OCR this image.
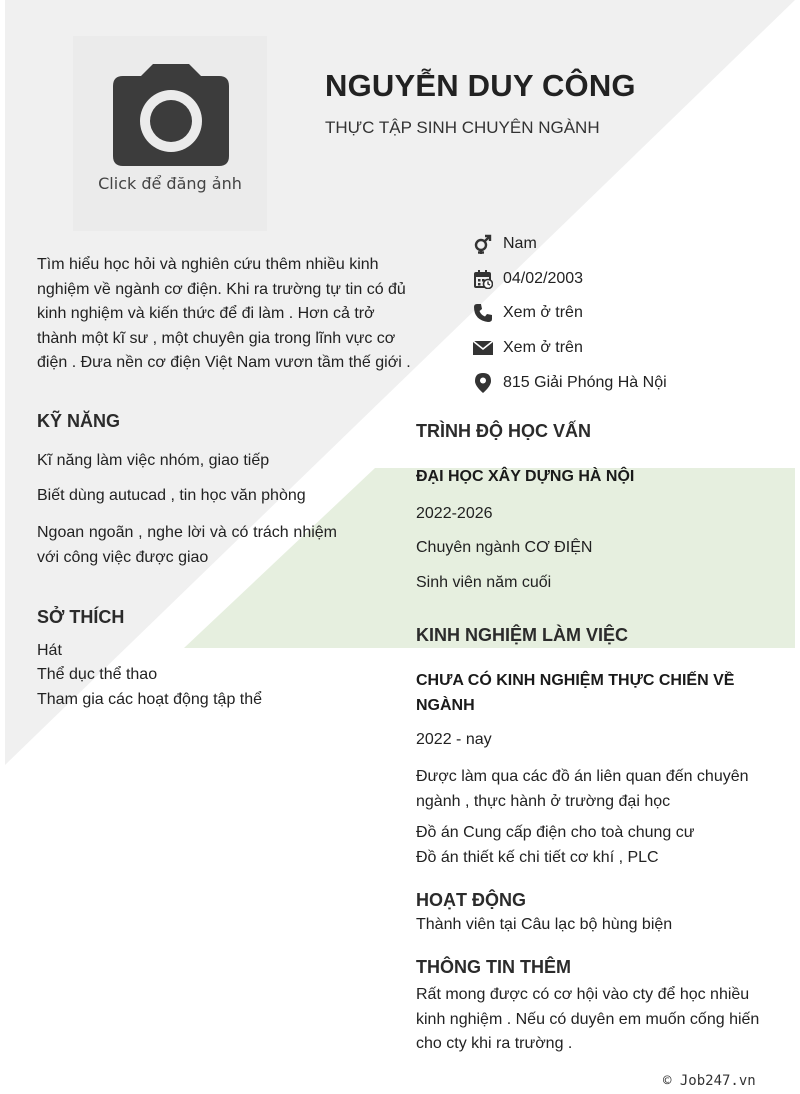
Click để đăng ảnh
NGUYỄN DUY CÔNG
THỰC TẬP SINH CHUYÊN NGÀNH
Tìm hiểu học hỏi và nghiên cứu thêm nhiều kinh nghiệm về ngành cơ điện. Khi ra trường tự tin có đủ kinh nghiệm và kiến thức để đi làm . Hơn cả trở thành một kĩ sư , một chuyên gia trong lĩnh vực cơ điện . Đưa nền cơ điện Việt Nam vươn tầm thế giới .
Nam
04/02/2003
Xem ở trên
Xem ở trên
815 Giải Phóng Hà Nội
KỸ NĂNG
Kĩ năng làm việc nhóm, giao tiếp
Biết dùng autucad , tin học văn phòng
Ngoan ngoãn , nghe lời và có trách nhiệm với công việc được giao
SỞ THÍCH
Hát
Thể dục thể thao
Tham gia các hoạt động tập thể
TRÌNH ĐỘ HỌC VẤN
ĐẠI HỌC XÂY DỰNG HÀ NỘI
2022-2026
Chuyên ngành CƠ ĐIỆN
Sinh viên năm cuối
KINH NGHIỆM LÀM VIỆC
CHƯA CÓ KINH NGHIỆM THỰC CHIẾN VỀ NGÀNH
2022 - nay
Được làm qua các đồ án liên quan đến chuyên ngành , thực hành ở trường đại học
Đồ án Cung cấp điện cho toà chung cư
Đồ án thiết kế chi tiết cơ khí , PLC
HOẠT ĐỘNG
Thành viên tại Câu lạc bộ hùng biện
THÔNG TIN THÊM
Rất mong được có cơ hội vào cty để học nhiều kinh nghiệm . Nếu có duyên em muốn cống hiến cho cty khi ra trường .
© Job247.vn
